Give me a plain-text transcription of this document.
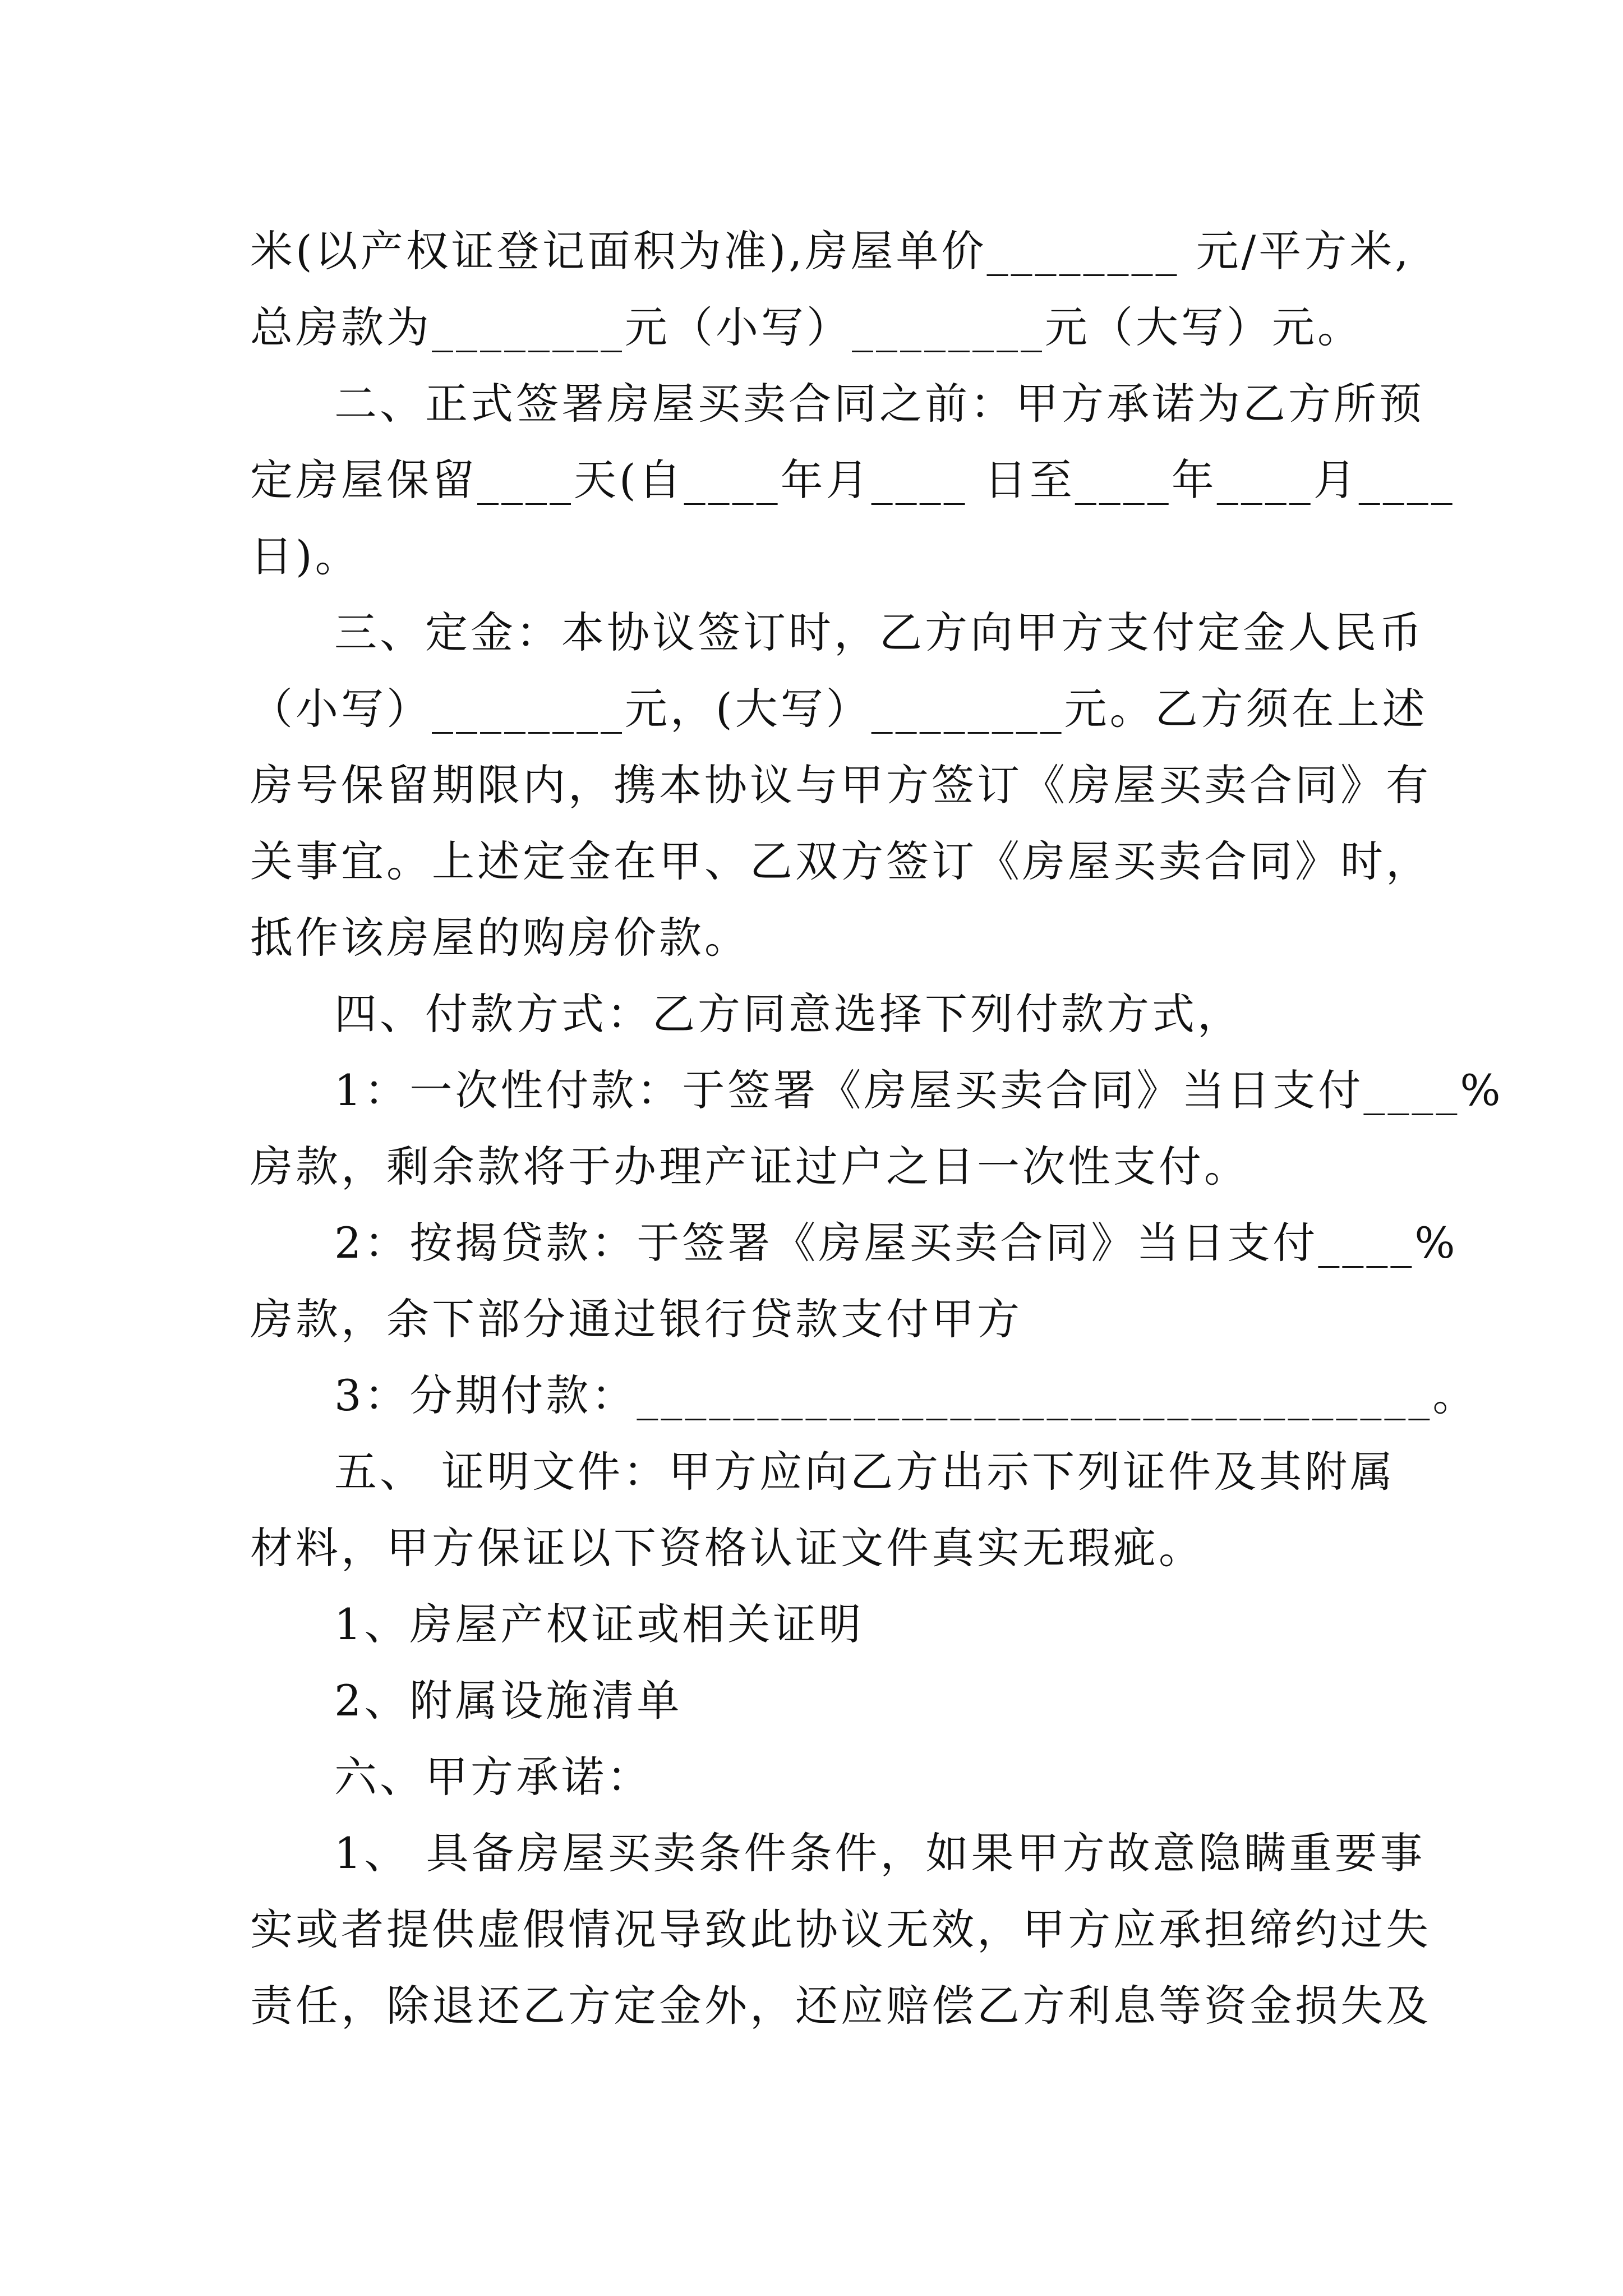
米(以产权证登记面积为准),房屋单价________ 元/平方米,
总房款为________元（小写）________元（大写）元。
二、正式签署房屋买卖合同之前：甲方承诺为乙方所预
定房屋保留____天(自____年月____ 日至____年____月____
日)。
三、定金：本协议签订时，乙方向甲方支付定金人民币
（小写）________元，(大写）________元。乙方须在上述
房号保留期限内，携本协议与甲方签订《房屋买卖合同》有
关事宜。上述定金在甲、乙双方签订《房屋买卖合同》时，
抵作该房屋的购房价款。
四、付款方式：乙方同意选择下列付款方式，
1：一次性付款：于签署《房屋买卖合同》当日支付____%
房款，剩余款将于办理产证过户之日一次性支付。
2：按揭贷款：于签署《房屋买卖合同》当日支付____%
房款，余下部分通过银行贷款支付甲方
3：分期付款：_________________________________。
五、 证明文件：甲方应向乙方出示下列证件及其附属
材料，甲方保证以下资格认证文件真实无瑕疵。
1、房屋产权证或相关证明
2、附属设施清单
六、甲方承诺：
1、 具备房屋买卖条件条件，如果甲方故意隐瞒重要事
实或者提供虚假情况导致此协议无效，甲方应承担缔约过失
责任，除退还乙方定金外，还应赔偿乙方利息等资金损失及
